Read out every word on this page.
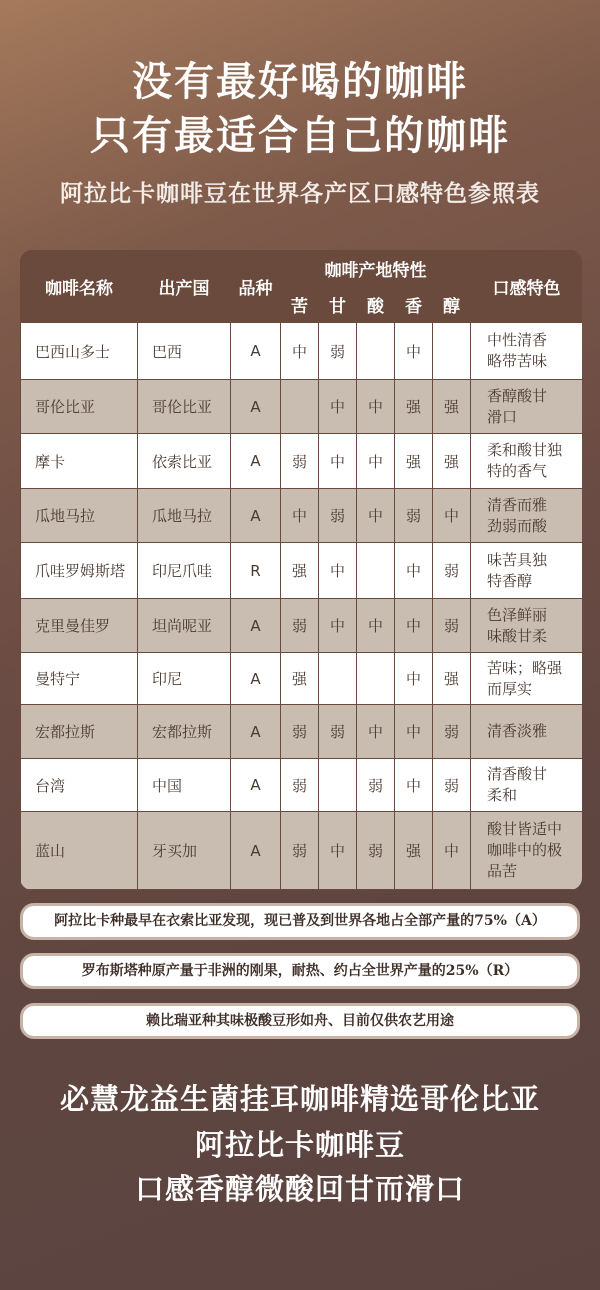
没有最好喝的咖啡
只有最适合自己的咖啡
阿拉比卡咖啡豆在世界各产区口感特色参照表
咖啡名称	出产国	品种	咖啡产地特性					口感特色
			苦	甘	酸	香	醇	
巴西山多士	巴西	A	中	弱		中		中性清香
略带苦味

哥伦比亚	哥伦比亚	A		中	中	强	强	香醇酸甘
滑口

摩卡	依索比亚	A	弱	中	中	强	强	柔和酸甘独
特的香气

瓜地马拉	瓜地马拉	A	中	弱	中	弱	中	清香而雅
劲弱而酸

爪哇罗姆斯塔	印尼爪哇	R	强	中		中	弱	味苦具独
特香醇

克里曼佳罗	坦尚呢亚	A	弱	中	中	中	弱	色泽鲜丽
味酸甘柔

曼特宁	印尼	A	强			中	强	苦味；略强
而厚实

宏都拉斯	宏都拉斯	A	弱	弱	中	中	弱	清香淡雅

台湾	中国	A	弱		弱	中	弱	清香酸甘
柔和

蓝山	牙买加	A	弱	中	弱	强	中	酸甘皆适中
咖啡中的极
品苦
阿拉比卡种最早在衣索比亚发现，现已普及到世界各地占全部产量的75%（A）
罗布斯塔种原产量于非洲的刚果，耐热、约占全世界产量的25%（R）
赖比瑞亚种其味极酸豆形如舟、目前仅供农艺用途
必慧龙益生菌挂耳咖啡精选哥伦比亚
阿拉比卡咖啡豆
口感香醇微酸回甘而滑口
